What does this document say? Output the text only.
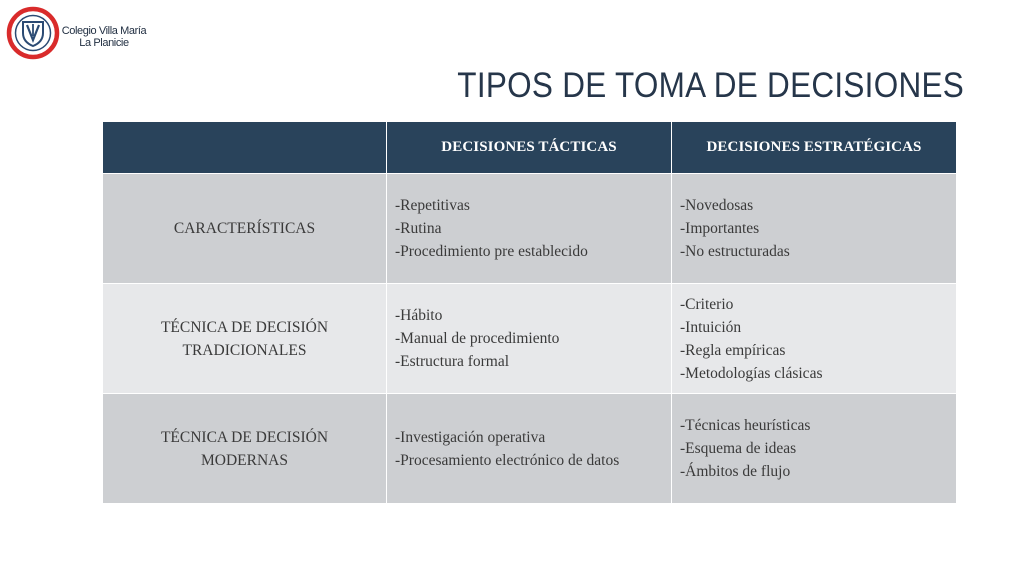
Colegio Villa María
La Planicie
TIPOS DE TOMA DE DECISIONES
	DECISIONES TÁCTICAS	DECISIONES ESTRATÉGICAS

CARACTERÍSTICAS	-Repetitivas
-Rutina
-Procedimiento pre establecido	-Novedosas
-Importantes
-No estructuradas

TÉCNICA DE DECISIÓN
TRADICIONALES	-Hábito
-Manual de procedimiento
-Estructura formal	-Criterio
-Intuición
-Regla empíricas
-Metodologías clásicas

TÉCNICA DE DECISIÓN
MODERNAS	-Investigación operativa
-Procesamiento electrónico de datos	-Técnicas heurísticas
-Esquema de ideas
-Ámbitos de flujo
